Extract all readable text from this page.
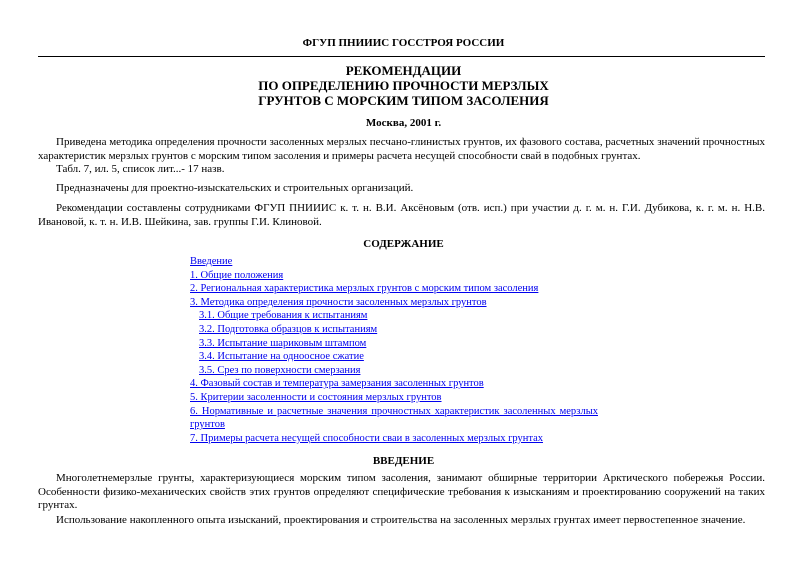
ФГУП ПНИИИС ГОССТРОЯ РОССИИ
РЕКОМЕНДАЦИИ
ПО ОПРЕДЕЛЕНИЮ ПРОЧНОСТИ МЕРЗЛЫХ
ГРУНТОВ С МОРСКИМ ТИПОМ ЗАСОЛЕНИЯ
Москва, 2001 г.
Приведена методика определения прочности засоленных мерзлых песчано-глинистых грунтов, их фазового состава, расчетных значений прочностных характеристик мерзлых грунтов с морским типом засоления и примеры расчета несущей способности свай в подобных грунтах.
Табл. 7, ил. 5, список лит...- 17 назв.
Предназначены для проектно-изыскательских и строительных организаций.
Рекомендации составлены сотрудниками ФГУП ПНИИИС к. т. н. В.И. Аксёновым (отв. исп.) при участии д. г. м. н. Г.И. Дубикова, к. г. м. н. Н.В. Ивановой, к. т. н. И.В. Шейкина, зав. группы Г.И. Клиновой.
СОДЕРЖАНИЕ
Введение
1. Общие положения
2. Региональная характеристика мерзлых грунтов с морским типом засоления
3. Методика определения прочности засоленных мерзлых грунтов
3.1. Общие требования к испытаниям
3.2. Подготовка образцов к испытаниям
3.3. Испытание шариковым штампом
3.4. Испытание на одноосное сжатие
3.5. Срез по поверхности смерзания
4. Фазовый состав и температура замерзания засоленных грунтов
5. Критерии засоленности и состояния мерзлых грунтов
6. Нормативные и расчетные значения прочностных характеристик засоленных мерзлых грунтов
7. Примеры расчета несущей способности сваи в засоленных мерзлых грунтах
ВВЕДЕНИЕ
Многолетнемерзлые грунты, характеризующиеся морским типом засоления, занимают обширные территории Арктического побережья России. Особенности физико-механических свойств этих грунтов определяют специфические требования к изысканиям и проектированию сооружений на таких грунтах.
Использование накопленного опыта изысканий, проектирования и строительства на засоленных мерзлых грунтах имеет первостепенное значение.
